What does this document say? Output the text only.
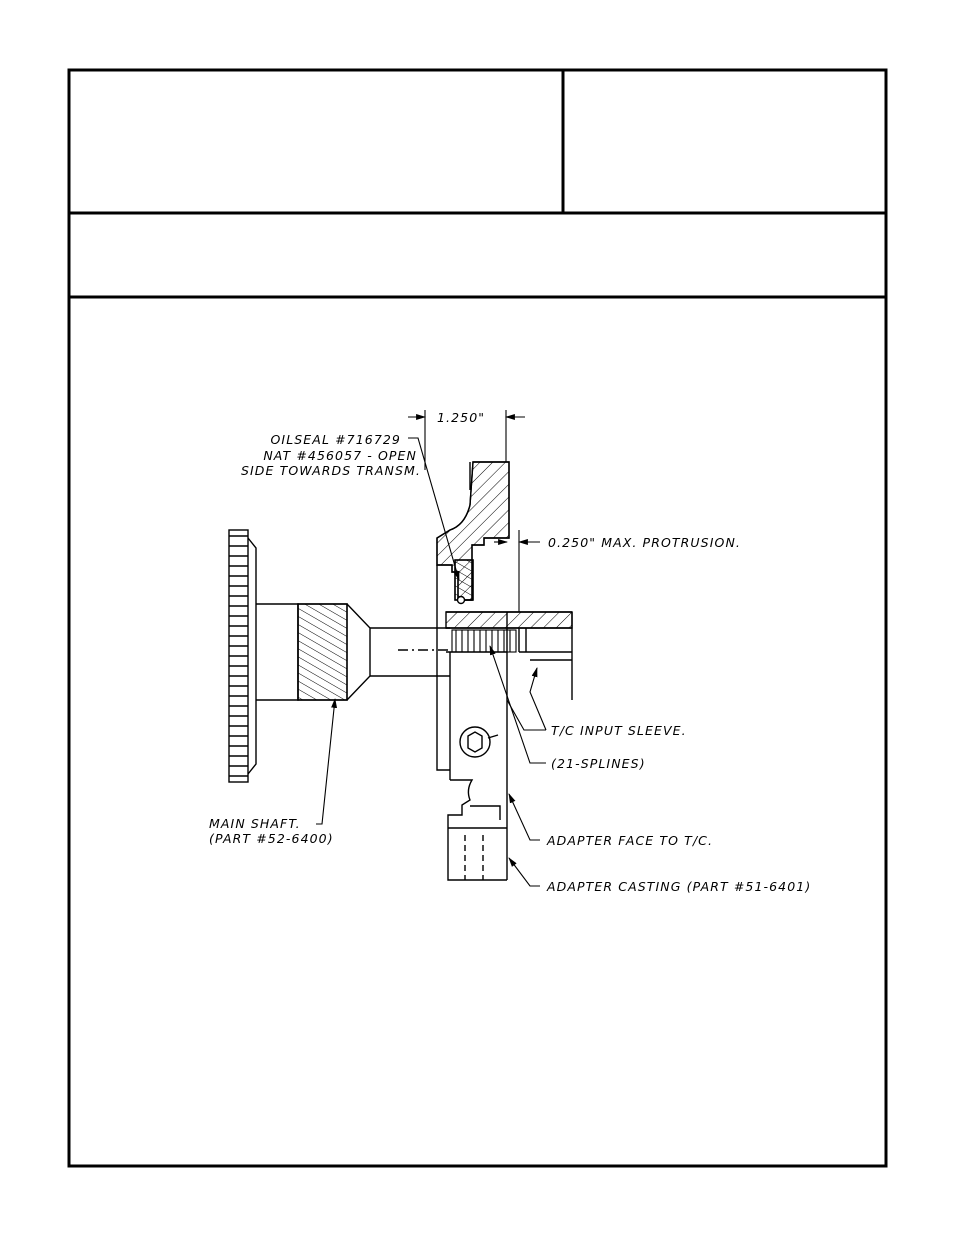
1.250"
OILSEAL #716729
NAT #456057 - OPEN
SIDE TOWARDS TRANSM.
0.250" MAX. PROTRUSION.
T/C INPUT SLEEVE.
(21-SPLINES)
MAIN SHAFT.
(PART #52-6400)	ADAPTER FACE TO T/C.
ADAPTER CASTING (PART #51-6401)
